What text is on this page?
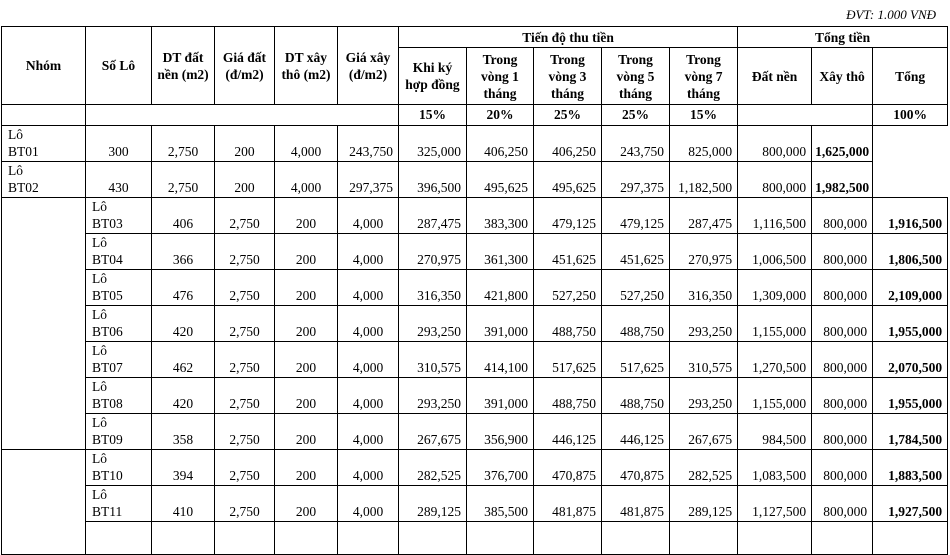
ĐVT: 1.000 VNĐ
Nhóm	Số Lô	DT đất nền (m2)	Giá đất (đ/m2)	DT xây thô (m2)	Giá xây (đ/m2)	Tiến độ thu tiền					Tổng tiền		
						Khi ký hợp đồng	Trong vòng 1 tháng	Trong vòng 3 tháng	Trong vòng 5 tháng	Trong vòng 7 tháng	Đất nền	Xây thô	Tổng
						15%	20%	25%	25%	15%			100%
Lô
BT01	300	2,750	200	4,000	243,750	325,000	406,250	406,250	243,750	825,000	800,000	1,625,000	
Lô
BT02	430	2,750	200	4,000	297,375	396,500	495,625	495,625	297,375	1,182,500	800,000	1,982,500	
	Lô
BT03	406	2,750	200	4,000	287,475	383,300	479,125	479,125	287,475	1,116,500	800,000	1,916,500
	Lô
BT04	366	2,750	200	4,000	270,975	361,300	451,625	451,625	270,975	1,006,500	800,000	1,806,500
	Lô
BT05	476	2,750	200	4,000	316,350	421,800	527,250	527,250	316,350	1,309,000	800,000	2,109,000
	Lô
BT06	420	2,750	200	4,000	293,250	391,000	488,750	488,750	293,250	1,155,000	800,000	1,955,000
	Lô
BT07	462	2,750	200	4,000	310,575	414,100	517,625	517,625	310,575	1,270,500	800,000	2,070,500
	Lô
BT08	420	2,750	200	4,000	293,250	391,000	488,750	488,750	293,250	1,155,000	800,000	1,955,000
	Lô
BT09	358	2,750	200	4,000	267,675	356,900	446,125	446,125	267,675	984,500	800,000	1,784,500
	Lô
BT10	394	2,750	200	4,000	282,525	376,700	470,875	470,875	282,525	1,083,500	800,000	1,883,500
	Lô
BT11	410	2,750	200	4,000	289,125	385,500	481,875	481,875	289,125	1,127,500	800,000	1,927,500
